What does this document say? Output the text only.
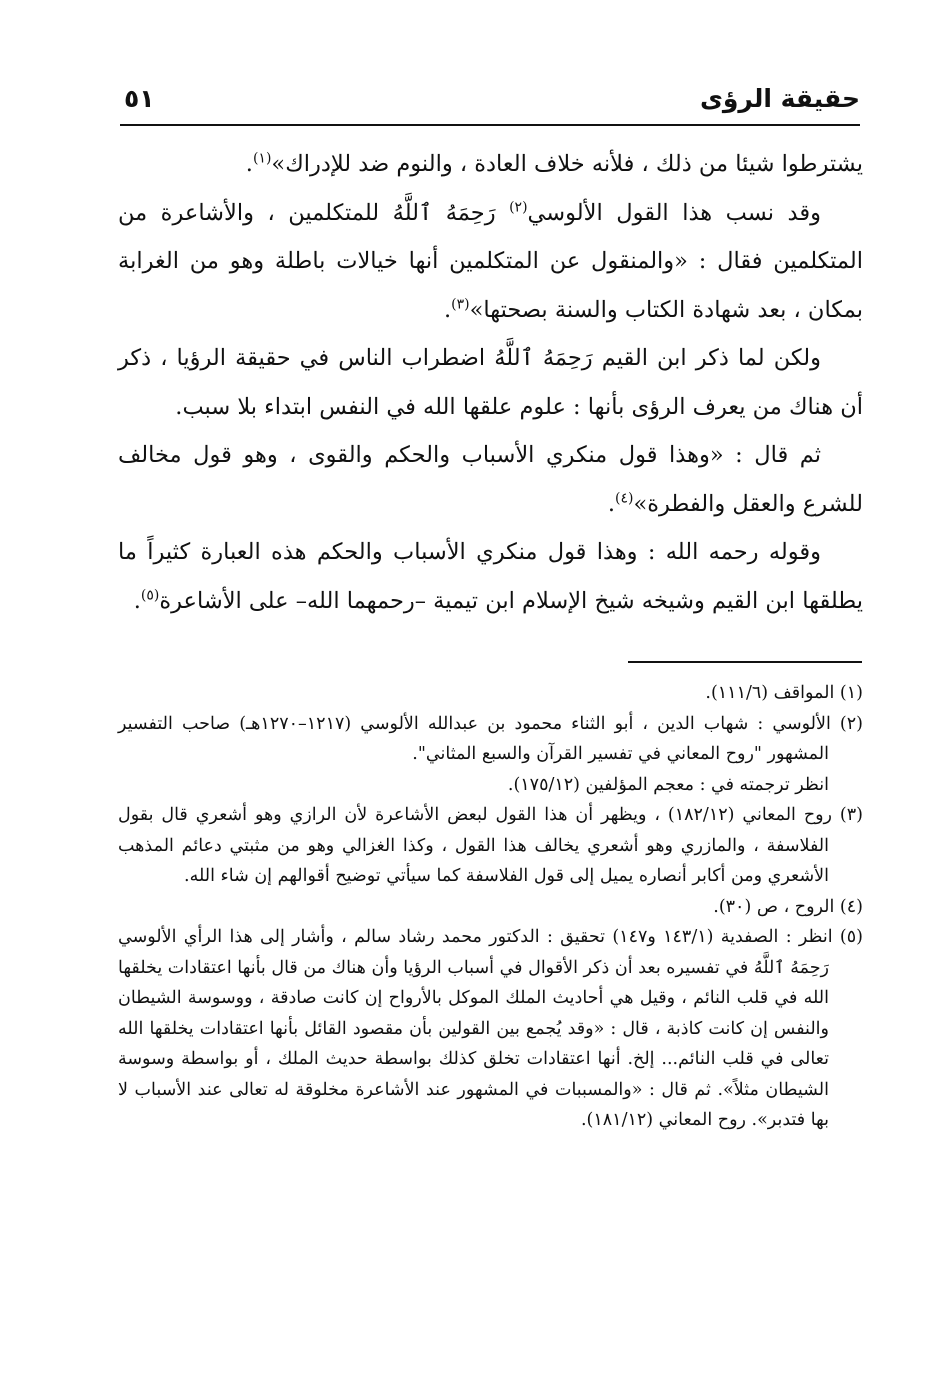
حقيقة الرؤى
٥١

يشترطوا شيئا من ذلك ، فلأنه خلاف العادة ، والنوم ضد للإدراك»$^{(١)}$.

وقد نسب هذا القول الألوسي$^{(٢)}$ رَحِمَهُ ٱللَّهُ للمتكلمين ، والأشاعرة من المتكلمين فقال : «والمنقول عن المتكلمين أنها خيالات باطلة وهو من الغرابة بمكان ، بعد شهادة الكتاب والسنة بصحتها»$^{(٣)}$.

ولكن لما ذكر ابن القيم رَحِمَهُ ٱللَّهُ اضطراب الناس في حقيقة الرؤيا ، ذكر أن هناك من يعرف الرؤى بأنها : علوم علقها الله في النفس ابتداء بلا سبب.

ثم قال : «وهذا قول منكري الأسباب والحكم والقوى ، وهو قول مخالف للشرع والعقل والفطرة»$^{(٤)}$.

وقوله رحمه الله : وهذا قول منكري الأسباب والحكم هذه العبارة كثيراً ما يطلقها ابن القيم وشيخه شيخ الإسلام ابن تيمية –رحمهما الله– على الأشاعرة$^{(٥)}$.

(١) المواقف (١١١/٦).

(٢) الألوسي : شهاب الدين ، أبو الثناء محمود بن عبدالله الألوسي (١٢١٧–١٢٧٠هـ) صاحب التفسير المشهور "روح المعاني في تفسير القرآن والسبع المثاني".

انظر ترجمته في : معجم المؤلفين (١٧٥/١٢).

(٣) روح المعاني (١٨٢/١٢) ، ويظهر أن هذا القول لبعض الأشاعرة لأن الرازي وهو أشعري قال بقول الفلاسفة ، والمازري وهو أشعري يخالف هذا القول ، وكذا الغزالي وهو من مثبتي دعائم المذهب الأشعري ومن أكابر أنصاره يميل إلى قول الفلاسفة كما سيأتي توضيح أقوالهم إن شاء الله.

(٤) الروح ، ص (٣٠).

(٥) انظر : الصفدية (١٤٣/١ و١٤٧) تحقيق : الدكتور محمد رشاد سالم ، وأشار إلى هذا الرأي الألوسي رَحِمَهُ ٱللَّهُ في تفسيره بعد أن ذكر الأقوال في أسباب الرؤيا وأن هناك من قال بأنها اعتقادات يخلقها الله في قلب النائم ، وقيل هي أحاديث الملك الموكل بالأرواح إن كانت صادقة ، ووسوسة الشيطان والنفس إن كانت كاذبة ، قال : «وقد يُجمع بين القولين بأن مقصود القائل بأنها اعتقادات يخلقها الله تعالى في قلب النائم... إلخ. أنها اعتقادات تخلق كذلك بواسطة حديث الملك ، أو بواسطة وسوسة الشيطان مثلاً». ثم قال : «والمسببات في المشهور عند الأشاعرة مخلوقة له تعالى عند الأسباب لا بها فتدبر». روح المعاني (١٨١/١٢).
